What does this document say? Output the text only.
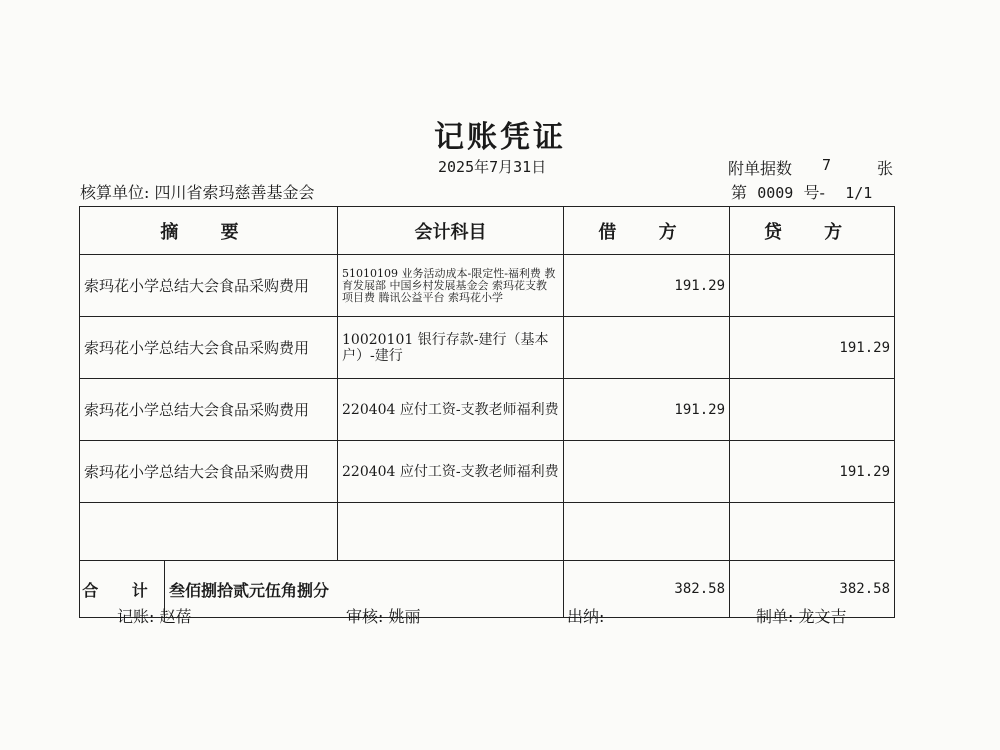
记账凭证
2025年7月31日	附单据数 7	张
核算单位: 四川省索玛慈善基金会	第 0009 号- 1/1
摘 要	会计科目	借 方	贷 方
索玛花小学总结大会食品采购费用	51010109 业务活动成本-限定性-福利费 教育发展部 中国乡村发展基金会 索玛花支教 项目费 腾讯公益平台 索玛花小学	191.29	
索玛花小学总结大会食品采购费用	10020101 银行存款-建行（基本户）-建行		191.29
索玛花小学总结大会食品采购费用	220404 应付工资-支教老师福利费	191.29	
索玛花小学总结大会食品采购费用	220404 应付工资-支教老师福利费		191.29

合 计 叁佰捌拾贰元伍角捌分		382.58	382.58
记账: 赵蓓	审核: 姚丽	出纳:	制单: 龙文吉
